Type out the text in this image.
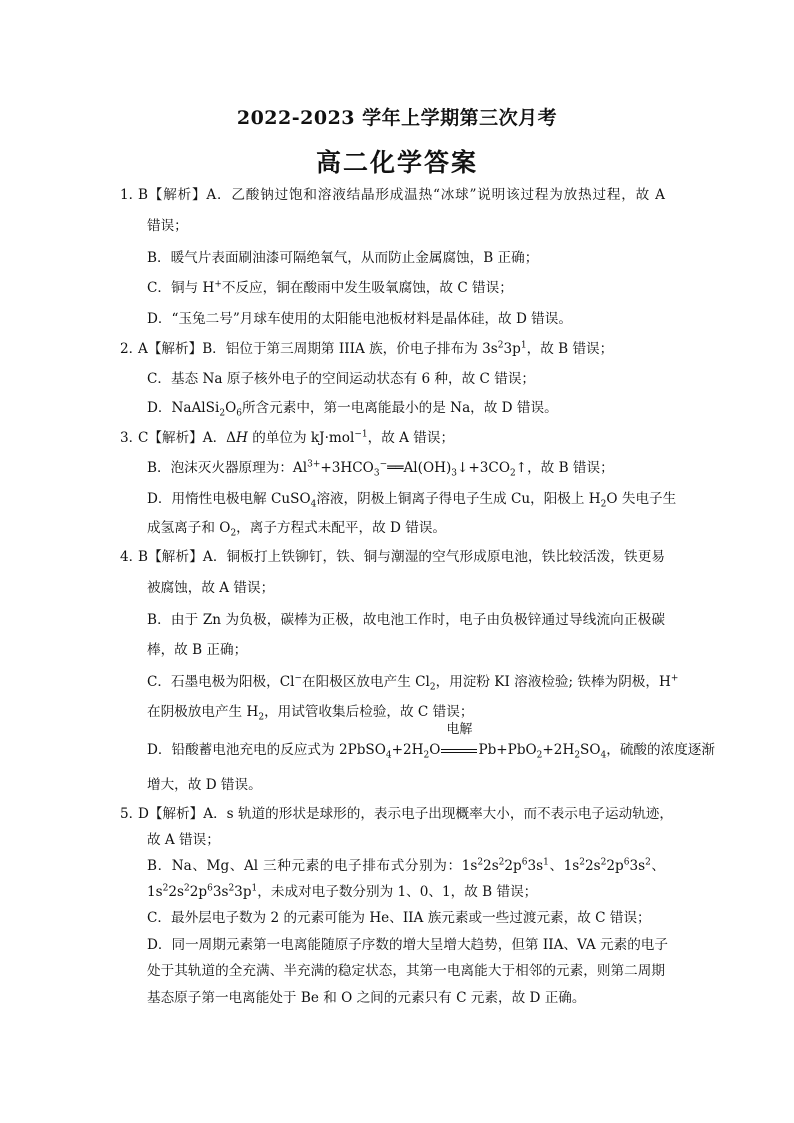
2022-2023 学年上学期第三次月考
高二化学答案
1．
B【解析】A．乙酸钠过饱和溶液结晶形成温热“冰球”说明该过程为放热过程，故 A
错误；
B．暖气片表面刷油漆可隔绝氧气，从而防止金属腐蚀，B 正确；
C．铜与 H+不反应，铜在酸雨中发生吸氧腐蚀，故 C 错误；
D．“玉兔二号”月球车使用的太阳能电池板材料是晶体硅，故 D 错误。
2．
A【解析】B．铝位于第三周期第 IIIA 族，价电子排布为 $3s^23p^1$，故 B 错误；
C．基态 Na 原子核外电子的空间运动状态有 6 种，故 C 错误；
D．$NaAlSi_2O_6$所含元素中，第一电离能最小的是 Na，故 D 错误。
3．
C【解析】A．ΔH 的单位为 kJ·mol$^{-1}$，故 A 错误；
B．泡沫灭火器原理为：$Al^{3+}+3HCO_3^-══Al(OH)_3↓+3CO_2↑$，故 B 错误；
D．用惰性电极电解 CuSO$_4$溶液，阴极上铜离子得电子生成 Cu，阳极上 $H_2O$ 失电子生
成氢离子和 $O_2$，离子方程式未配平，故 D 错误。
4．
B【解析】A．铜板打上铁铆钉，铁、铜与潮湿的空气形成原电池，铁比较活泼，铁更易
被腐蚀，故 A 错误；
B．由于 Zn 为负极，碳棒为正极，故电池工作时，电子由负极锌通过导线流向正极碳
棒，故 B 正确；
C．石墨电极为阳极，Cl−在阳极区放电产生 $Cl_2$，用淀粉 KI 溶液检验; 铁棒为阴极，H+
在阴极放电产生 $H_2$，用试管收集后检验，故 C 错误；
D．铅酸蓄电池充电的反应式为 $2PbSO_4+2H_2O$
电解
$Pb+PbO_2+2H_2SO_4$，硫酸的浓度逐渐
增大，故 D 错误。
5．
D【解析】A．s 轨道的形状是球形的，表示电子出现概率大小，而不表示电子运动轨迹，
故 A 错误；
B．Na、Mg、Al 三种元素的电子排布式分别为：$1s^22s^22p^63s^1$、$1s^22s^22p^63s^2$、
$1s^22s^22p^63s^23p^1$，未成对电子数分别为 1、0、1，故 B 错误；
C．最外层电子数为 2 的元素可能为 He、IIA 族元素或一些过渡元素，故 C 错误；
D．同一周期元素第一电离能随原子序数的增大呈增大趋势，但第 IIA、VA 元素的电子
处于其轨道的全充满、半充满的稳定状态，其第一电离能大于相邻的元素，则第二周期
基态原子第一电离能处于 Be 和 O 之间的元素只有 C 元素，故 D 正确。
